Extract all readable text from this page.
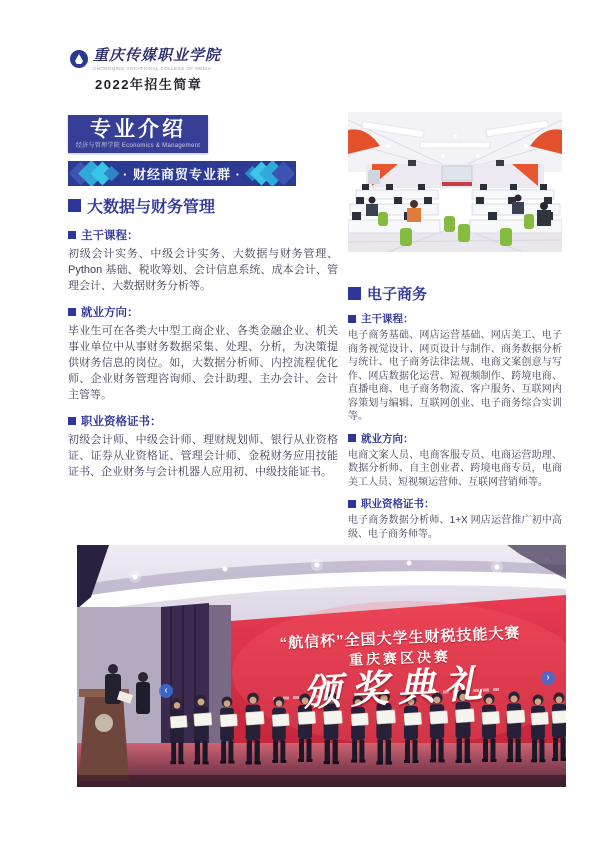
重庆传媒职业学院
CHONGQING VOCATIONAL COLLEGE OF MEDIA
2022年招生简章
专业介绍
经济与管理学院 Economics & Management
· 财经商贸专业群 ·
大数据与财务管理
主干课程：

初级会计实务、中级会计实务、大数据与财务管理、Python 基础、税收筹划、会计信息系统、成本会计、管理会计、大数据财务分析等。

就业方向：

毕业生可在各类大中型工商企业、各类金融企业、机关事业单位中从事财务数据采集、处理、分析，为决策提供财务信息的岗位。如，大数据分析师、内控流程优化师、企业财务管理咨询师、会计助理、主办会计、会计主管等。

职业资格证书：

初级会计师、中级会计师、理财规划师、银行从业资格证、证券从业资格证、管理会计师、金税财务应用技能证书、企业财务与会计机器人应用初、中级技能证书。

电子商务
主干课程：

电子商务基础、网店运营基础、网店美工、电子商务视觉设计、网页设计与制作、商务数据分析与统计、电子商务法律法规、电商文案创意与写作、网店数据化运营、短视频制作、跨境电商、直播电商、电子商务物流、客户服务、互联网内容策划与编辑、互联网创业、电子商务综合实训等。

就业方向：

电商文案人员、电商客服专员、电商运营助理、数据分析师、自主创业者、跨境电商专员，电商美工人员、短视频运营师、互联网营销师等。

职业资格证书：

电子商务数据分析师、1+X 网店运营推广初中高级、电子商务师等。

“航信杯”全国大学生财税技能大赛
重庆赛区决赛
颁奖典礼
‹
›
